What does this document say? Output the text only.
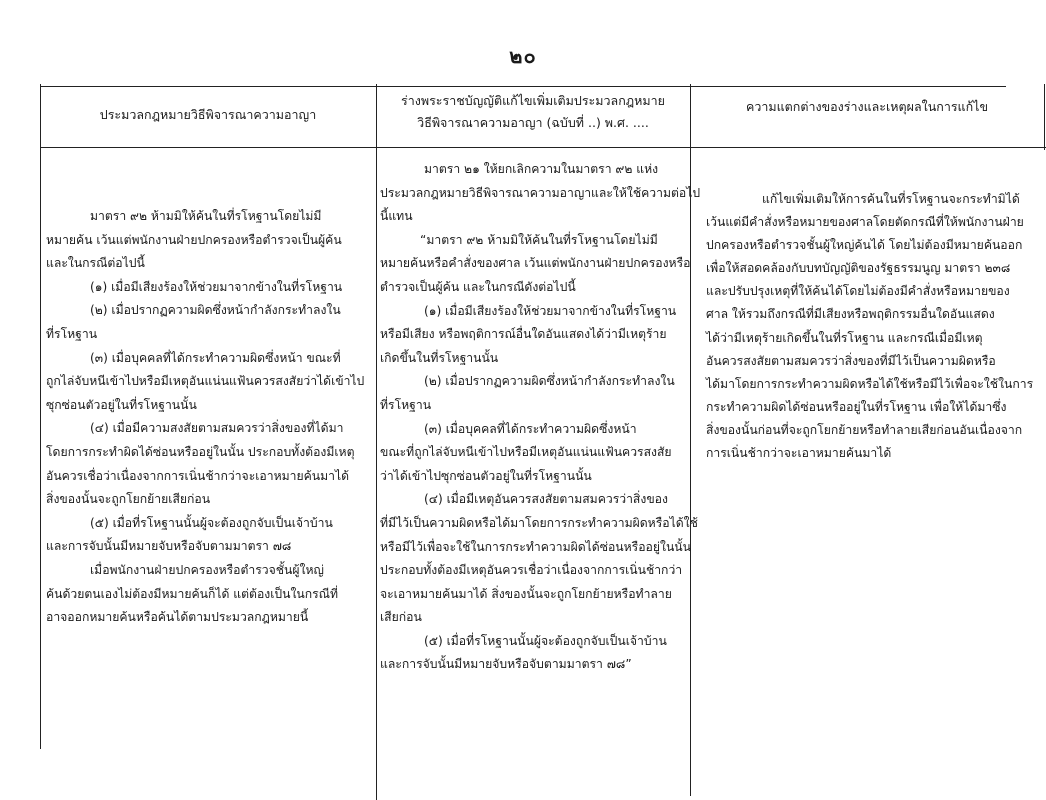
๒๐
ประมวลกฎหมายวิธีพิจารณาความอาญา
ร่างพระราชบัญญัติแก้ไขเพิ่มเติมประมวลกฎหมาย
วิธีพิจารณาความอาญา (ฉบับที่ ..) พ.ศ. ....
ความแตกต่างของร่างและเหตุผลในการแก้ไข
มาตรา ๙๒ ห้ามมิให้ค้นในที่รโหฐานโดยไม่มี
หมายค้น เว้นแต่พนักงานฝ่ายปกครองหรือตำรวจเป็นผู้ค้น
และในกรณีต่อไปนี้
(๑) เมื่อมีเสียงร้องให้ช่วยมาจากข้างในที่รโหฐาน
(๒) เมื่อปรากฏความผิดซึ่งหน้ากำลังกระทำลงใน
ที่รโหฐาน
(๓) เมื่อบุคคลที่ได้กระทำความผิดซึ่งหน้า ขณะที่
ถูกไล่จับหนีเข้าไปหรือมีเหตุอันแน่นแฟ้นควรสงสัยว่าได้เข้าไป
ซุกซ่อนตัวอยู่ในที่รโหฐานนั้น
(๔) เมื่อมีความสงสัยตามสมควรว่าสิ่งของที่ได้มา
โดยการกระทำผิดได้ซ่อนหรืออยู่ในนั้น ประกอบทั้งต้องมีเหตุ
อันควรเชื่อว่าเนื่องจากการเนิ่นช้ากว่าจะเอาหมายค้นมาได้
สิ่งของนั้นจะถูกโยกย้ายเสียก่อน
(๕) เมื่อที่รโหฐานนั้นผู้จะต้องถูกจับเป็นเจ้าบ้าน
และการจับนั้นมีหมายจับหรือจับตามมาตรา ๗๘
เมื่อพนักงานฝ่ายปกครองหรือตำรวจชั้นผู้ใหญ่
ค้นด้วยตนเองไม่ต้องมีหมายค้นก็ได้ แต่ต้องเป็นในกรณีที่
อาจออกหมายค้นหรือค้นได้ตามประมวลกฎหมายนี้
มาตรา ๒๑ ให้ยกเลิกความในมาตรา ๙๒ แห่ง
ประมวลกฎหมายวิธีพิจารณาความอาญาและให้ใช้ความต่อไป
นี้แทน
“มาตรา ๙๒ ห้ามมิให้ค้นในที่รโหฐานโดยไม่มี
หมายค้นหรือคำสั่งของศาล เว้นแต่พนักงานฝ่ายปกครองหรือ
ตำรวจเป็นผู้ค้น และในกรณีดังต่อไปนี้
(๑) เมื่อมีเสียงร้องให้ช่วยมาจากข้างในที่รโหฐาน
หรือมีเสียง หรือพฤติการณ์อื่นใดอันแสดงได้ว่ามีเหตุร้าย
เกิดขึ้นในที่รโหฐานนั้น
(๒) เมื่อปรากฏความผิดซึ่งหน้ากำลังกระทำลงใน
ที่รโหฐาน
(๓) เมื่อบุคคลที่ได้กระทำความผิดซึ่งหน้า
ขณะที่ถูกไล่จับหนีเข้าไปหรือมีเหตุอันแน่นแฟ้นควรสงสัย
ว่าได้เข้าไปซุกซ่อนตัวอยู่ในที่รโหฐานนั้น
(๔) เมื่อมีเหตุอันควรสงสัยตามสมควรว่าสิ่งของ
ที่มีไว้เป็นความผิดหรือได้มาโดยการกระทำความผิดหรือได้ใช้
หรือมีไว้เพื่อจะใช้ในการกระทำความผิดได้ซ่อนหรืออยู่ในนั้น
ประกอบทั้งต้องมีเหตุอันควรเชื่อว่าเนื่องจากการเนิ่นช้ากว่า
จะเอาหมายค้นมาได้ สิ่งของนั้นจะถูกโยกย้ายหรือทำลาย
เสียก่อน
(๕) เมื่อที่รโหฐานนั้นผู้จะต้องถูกจับเป็นเจ้าบ้าน
และการจับนั้นมีหมายจับหรือจับตามมาตรา ๗๘”
แก้ไขเพิ่มเติมให้การค้นในที่รโหฐานจะกระทำมิได้
เว้นแต่มีคำสั่งหรือหมายของศาลโดยตัดกรณีที่ให้พนักงานฝ่าย
ปกครองหรือตำรวจชั้นผู้ใหญ่ค้นได้ โดยไม่ต้องมีหมายค้นออก
เพื่อให้สอดคล้องกับบทบัญญัติของรัฐธรรมนูญ มาตรา ๒๓๘
และปรับปรุงเหตุที่ให้ค้นได้โดยไม่ต้องมีคำสั่งหรือหมายของ
ศาล ให้รวมถึงกรณีที่มีเสียงหรือพฤติกรรมอื่นใดอันแสดง
ได้ว่ามีเหตุร้ายเกิดขึ้นในที่รโหฐาน และกรณีเมื่อมีเหตุ
อันควรสงสัยตามสมควรว่าสิ่งของที่มีไว้เป็นความผิดหรือ
ได้มาโดยการกระทำความผิดหรือได้ใช้หรือมีไว้เพื่อจะใช้ในการ
กระทำความผิดได้ซ่อนหรืออยู่ในที่รโหฐาน เพื่อให้ได้มาซึ่ง
สิ่งของนั้นก่อนที่จะถูกโยกย้ายหรือทำลายเสียก่อนอันเนื่องจาก
การเนิ่นช้ากว่าจะเอาหมายค้นมาได้
